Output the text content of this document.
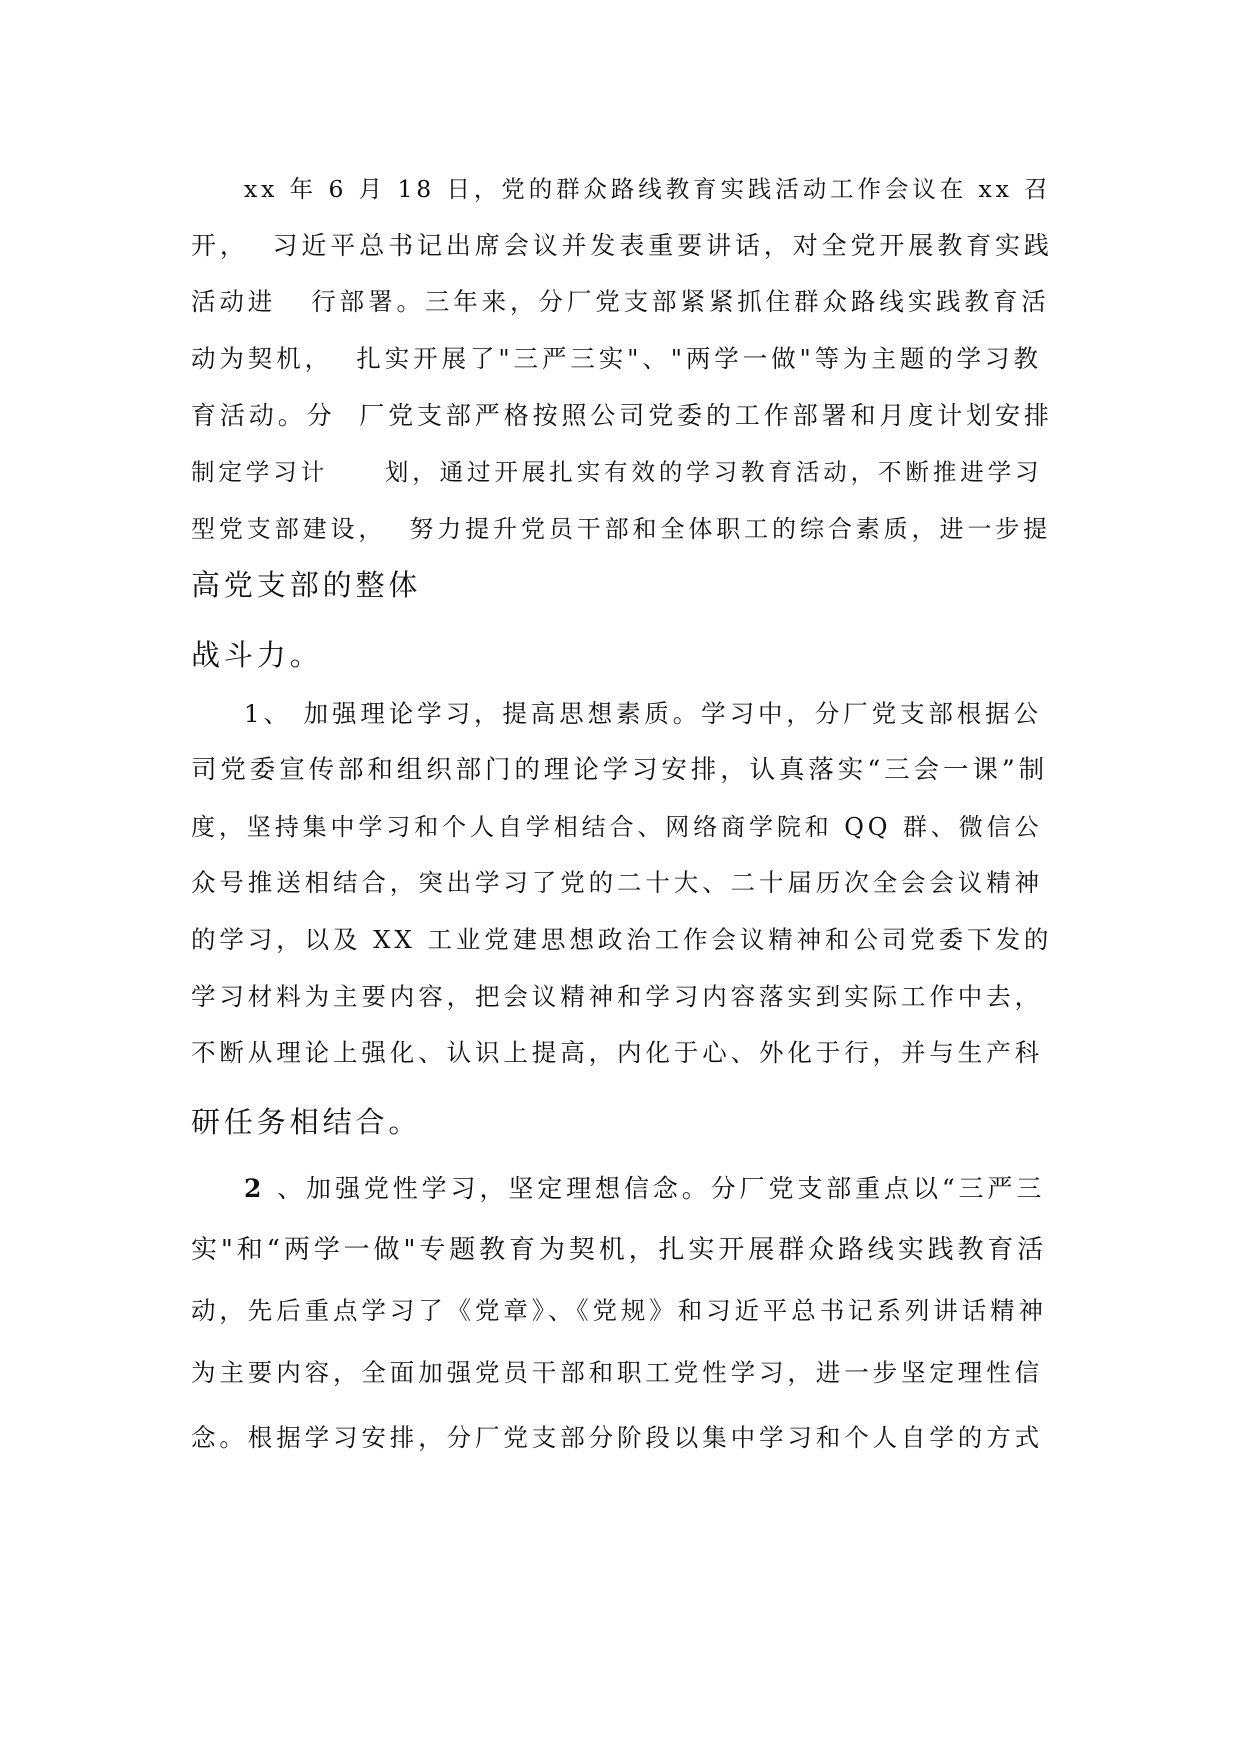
xx 年 6 月 18 日，党的群众路线教育实践活动工作会议在 xx 召
开，  习近平总书记出席会议并发表重要讲话，对全党开展教育实践
活动进   行部署。三年来，分厂党支部紧紧抓住群众路线实践教育活
动为契机，  扎实开展了"三严三实"、"两学一做"等为主题的学习教
育活动。分  厂党支部严格按照公司党委的工作部署和月度计划安排
制定学习计     划，通过开展扎实有效的学习教育活动，不断推进学习
型党支部建设，  努力提升党员干部和全体职工的综合素质，进一步提
高党支部的整体
战斗力。
1、 加强理论学习，提高思想素质。学习中，分厂党支部根据公
司党委宣传部和组织部门的理论学习安排，认真落实“三会一课”制
度，坚持集中学习和个人自学相结合、网络商学院和 QQ 群、微信公
众号推送相结合，突出学习了党的二十大、二十届历次全会会议精神
的学习，以及 XX 工业党建思想政治工作会议精神和公司党委下发的
学习材料为主要内容，把会议精神和学习内容落实到实际工作中去，
不断从理论上强化、认识上提高，内化于心、外化于行，并与生产科
研任务相结合。
2 、加强党性学习，坚定理想信念。分厂党支部重点以“三严三
实"和“两学一做"专题教育为契机，扎实开展群众路线实践教育活
动，先后重点学习了《党章》、《党规》和习近平总书记系列讲话精神
为主要内容，全面加强党员干部和职工党性学习，进一步坚定理性信
念。根据学习安排，分厂党支部分阶段以集中学习和个人自学的方式
